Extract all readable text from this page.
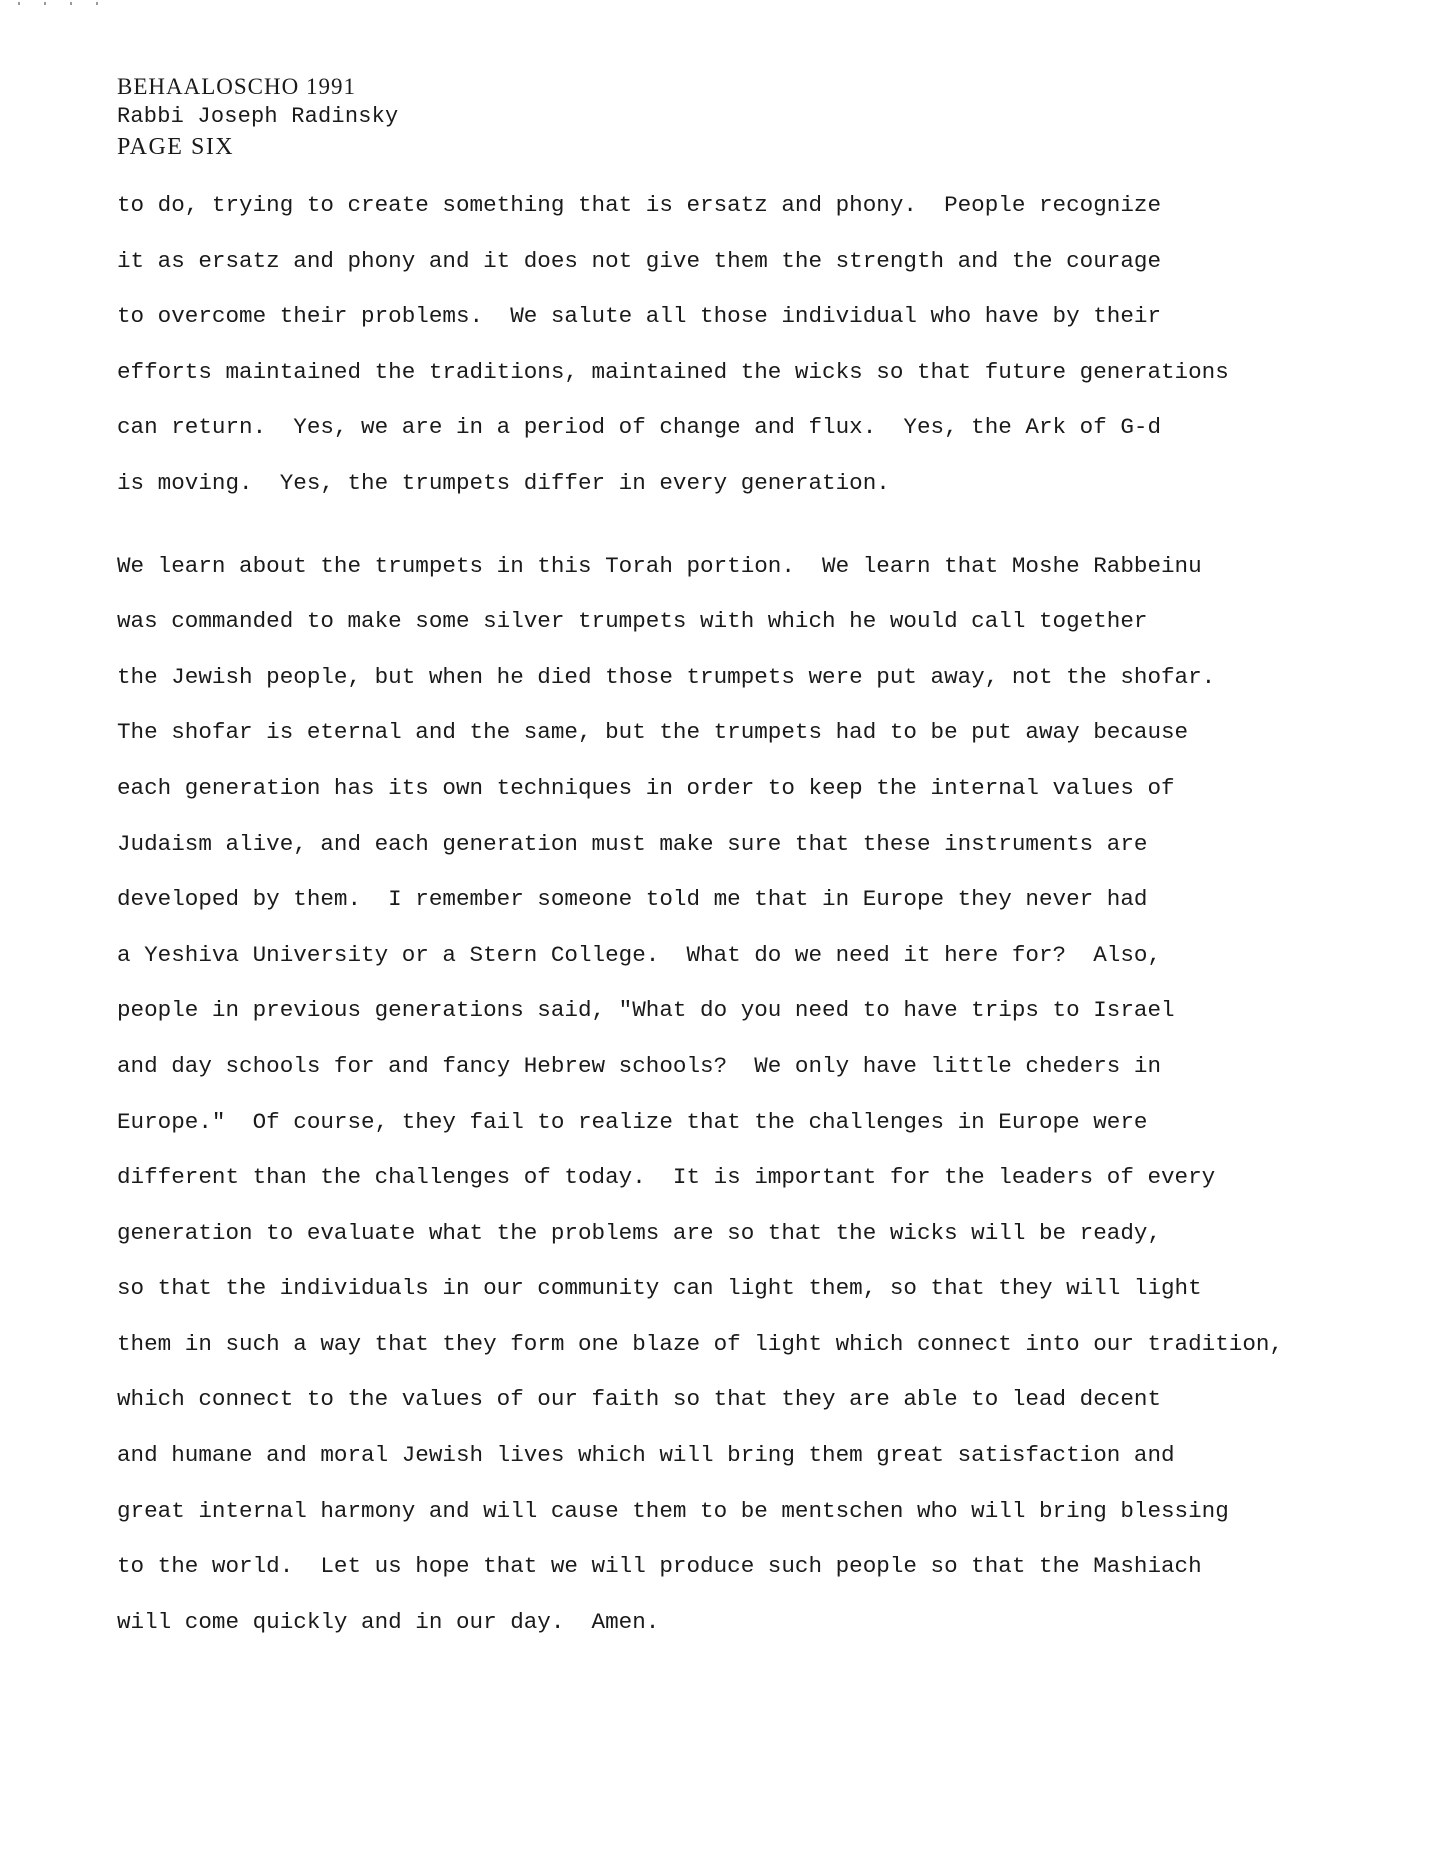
BEHAALOSCHO 1991
Rabbi Joseph Radinsky
PAGE SIX

to do, trying to create something that is ersatz and phony.  People recognize
it as ersatz and phony and it does not give them the strength and the courage
to overcome their problems.  We salute all those individual who have by their
efforts maintained the traditions, maintained the wicks so that future generations
can return.  Yes, we are in a period of change and flux.  Yes, the Ark of G-d
is moving.  Yes, the trumpets differ in every generation.

We learn about the trumpets in this Torah portion.  We learn that Moshe Rabbeinu
was commanded to make some silver trumpets with which he would call together
the Jewish people, but when he died those trumpets were put away, not the shofar.
The shofar is eternal and the same, but the trumpets had to be put away because
each generation has its own techniques in order to keep the internal values of
Judaism alive, and each generation must make sure that these instruments are
developed by them.  I remember someone told me that in Europe they never had
a Yeshiva University or a Stern College.  What do we need it here for?  Also,
people in previous generations said, "What do you need to have trips to Israel
and day schools for and fancy Hebrew schools?  We only have little cheders in
Europe."  Of course, they fail to realize that the challenges in Europe were
different than the challenges of today.  It is important for the leaders of every
generation to evaluate what the problems are so that the wicks will be ready,
so that the individuals in our community can light them, so that they will light
them in such a way that they form one blaze of light which connect into our tradition,
which connect to the values of our faith so that they are able to lead decent
and humane and moral Jewish lives which will bring them great satisfaction and
great internal harmony and will cause them to be mentschen who will bring blessing
to the world.  Let us hope that we will produce such people so that the Mashiach
will come quickly and in our day.  Amen.
